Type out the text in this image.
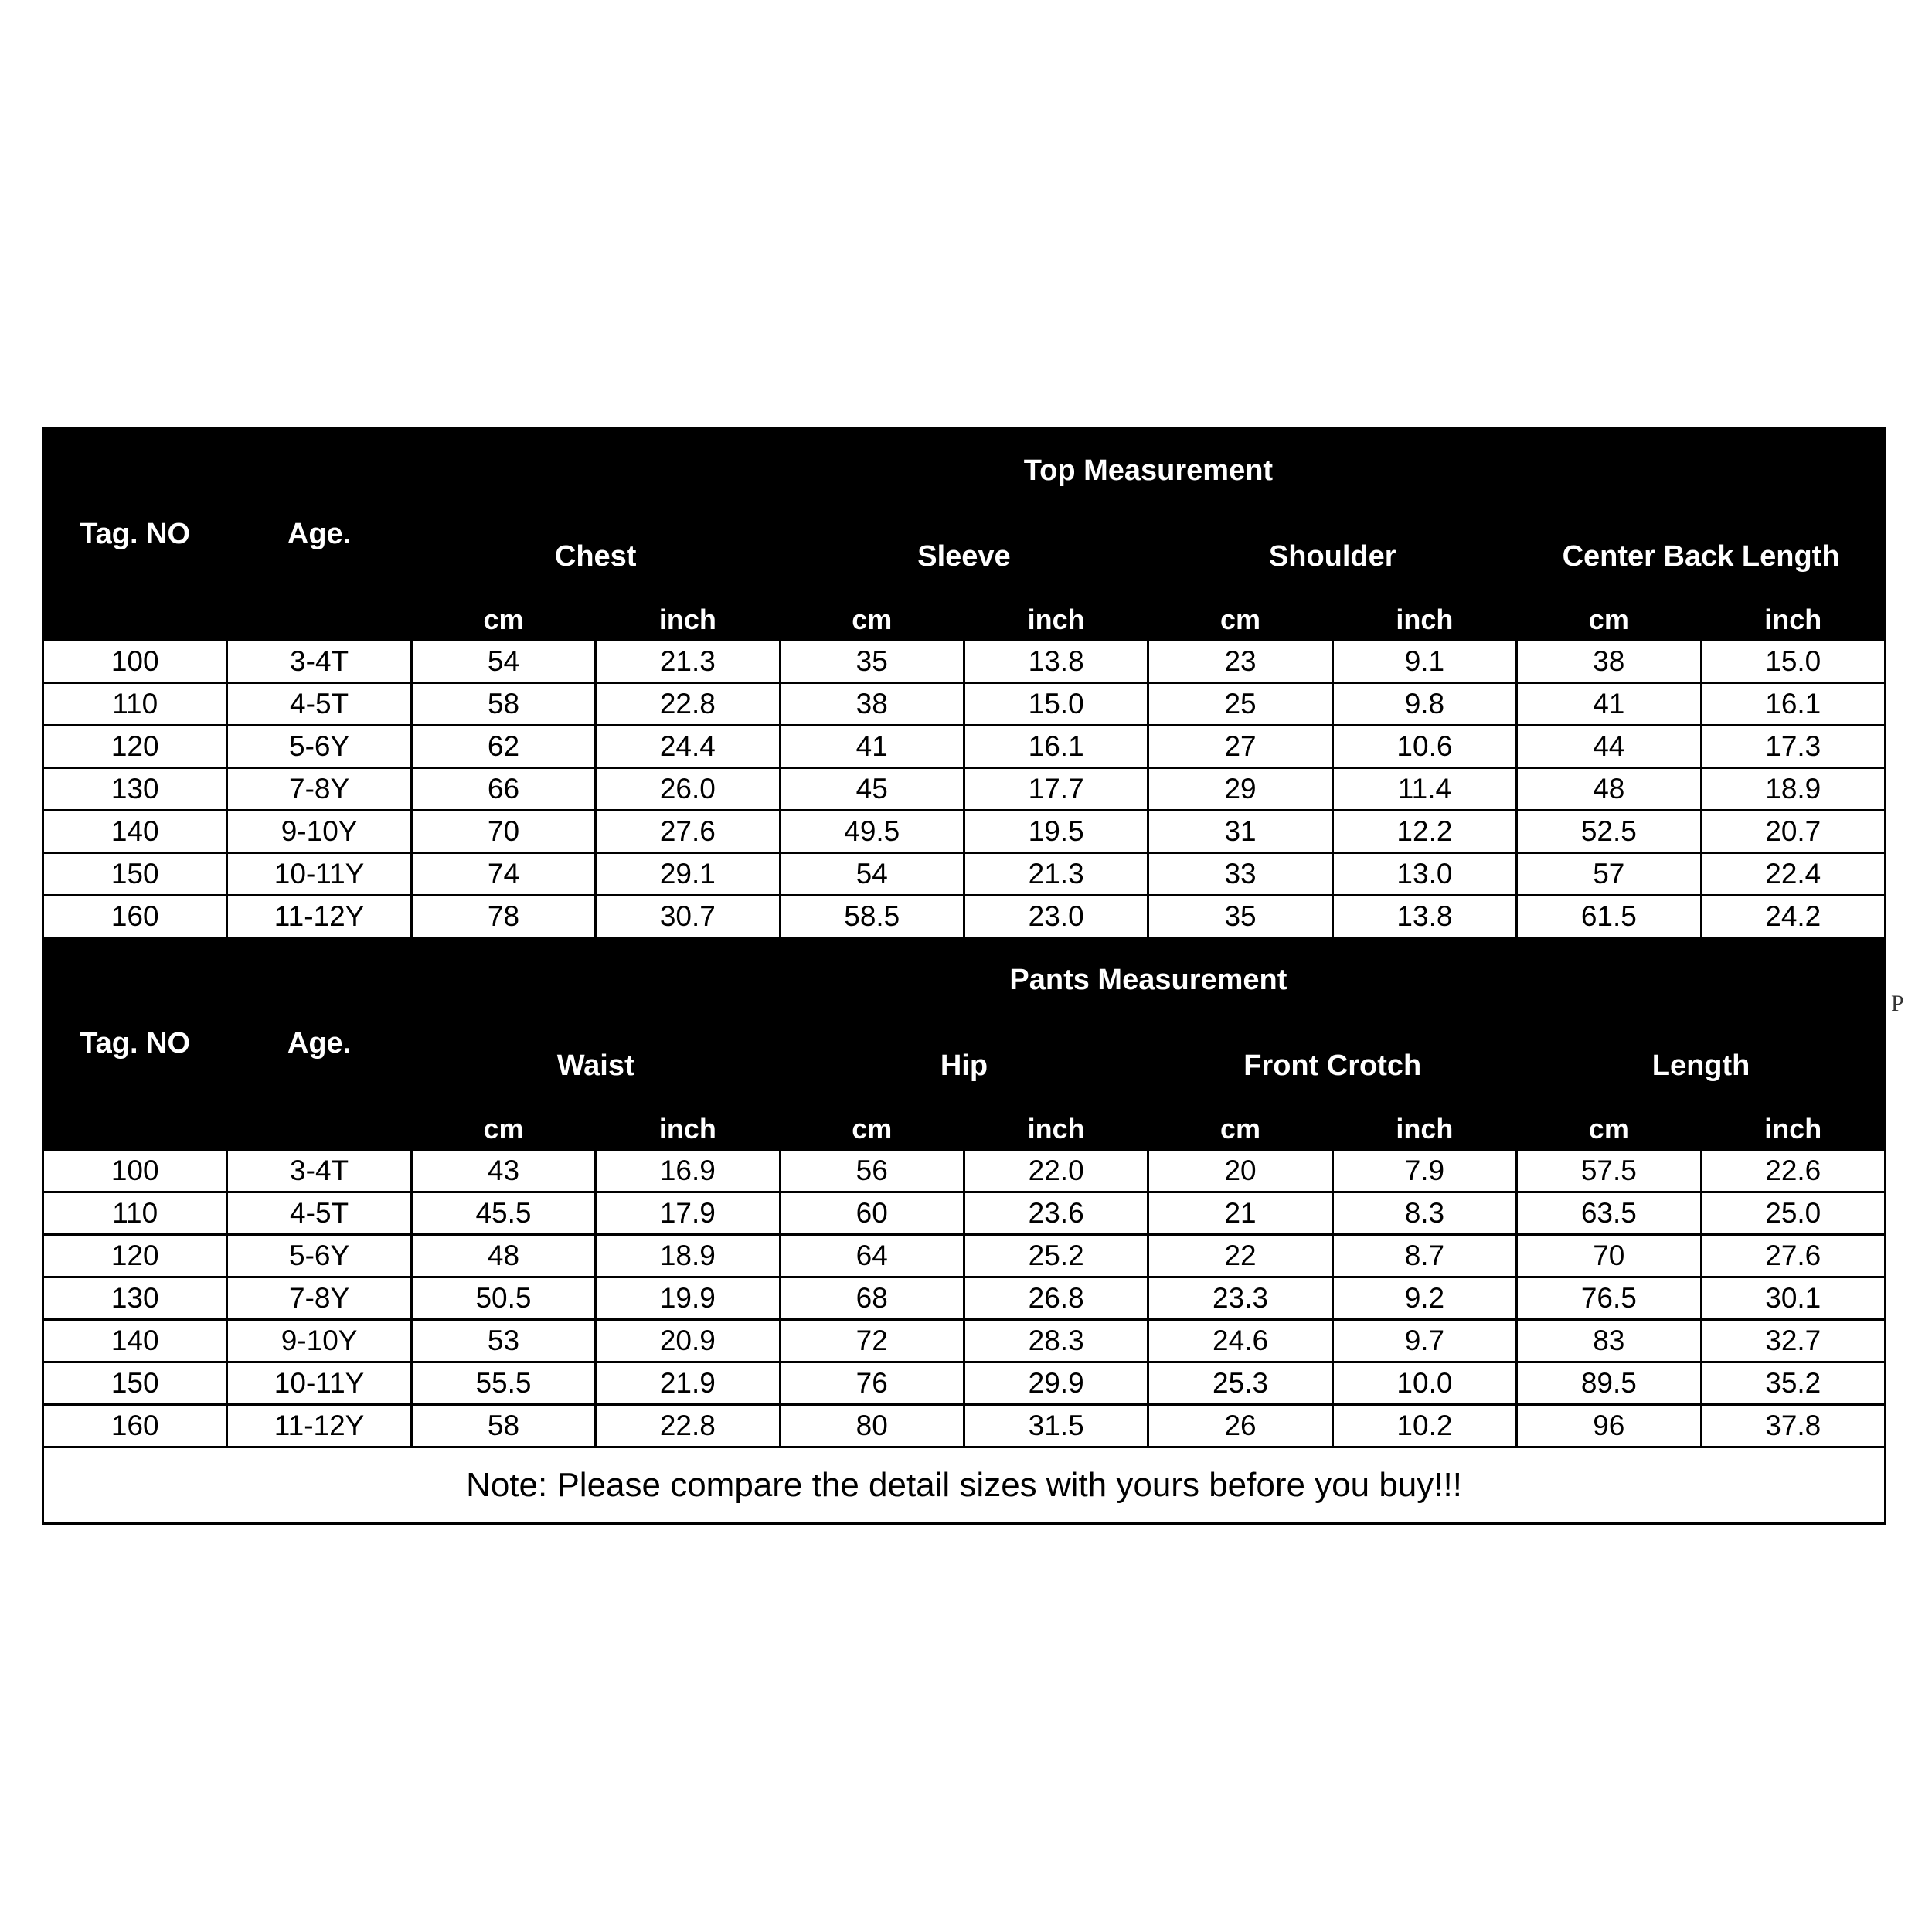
Tag. NO	Age.	Top Measurement							
		Chest		Sleeve		Shoulder		Center Back Length	
		cm	inch	cm	inch	cm	inch	cm	inch
100	3-4T	54	21.3	35	13.8	23	9.1	38	15.0
110	4-5T	58	22.8	38	15.0	25	9.8	41	16.1
120	5-6Y	62	24.4	41	16.1	27	10.6	44	17.3
130	7-8Y	66	26.0	45	17.7	29	11.4	48	18.9
140	9-10Y	70	27.6	49.5	19.5	31	12.2	52.5	20.7
150	10-11Y	74	29.1	54	21.3	33	13.0	57	22.4
160	11-12Y	78	30.7	58.5	23.0	35	13.8	61.5	24.2
Tag. NO	Age.	Pants Measurement							
		Waist		Hip		Front Crotch		Length	
		cm	inch	cm	inch	cm	inch	cm	inch
100	3-4T	43	16.9	56	22.0	20	7.9	57.5	22.6
110	4-5T	45.5	17.9	60	23.6	21	8.3	63.5	25.0
120	5-6Y	48	18.9	64	25.2	22	8.7	70	27.6
130	7-8Y	50.5	19.9	68	26.8	23.3	9.2	76.5	30.1
140	9-10Y	53	20.9	72	28.3	24.6	9.7	83	32.7
150	10-11Y	55.5	21.9	76	29.9	25.3	10.0	89.5	35.2
160	11-12Y	58	22.8	80	31.5	26	10.2	96	37.8
Note: Please compare the detail sizes with yours before you buy!!!									
P
